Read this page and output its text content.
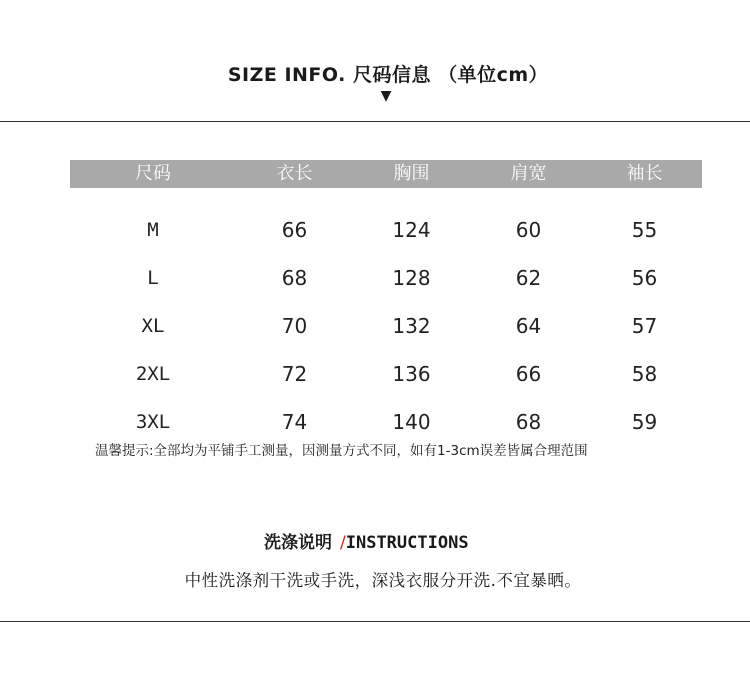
SIZE INFO. 尺码信息 （单位cm）
▼
尺码	衣长	胸围	肩宽	袖长
M	66	124	60	55
L	68	128	62	56
XL	70	132	64	57
2XL	72	136	66	58
3XL	74	140	68	59
温馨提示:全部均为平铺手工测量，因测量方式不同，如有1-3cm误差皆属合理范围
洗涤说明 /INSTRUCTIONS
中性洗涤剂干洗或手洗，深浅衣服分开洗.不宜暴晒。
